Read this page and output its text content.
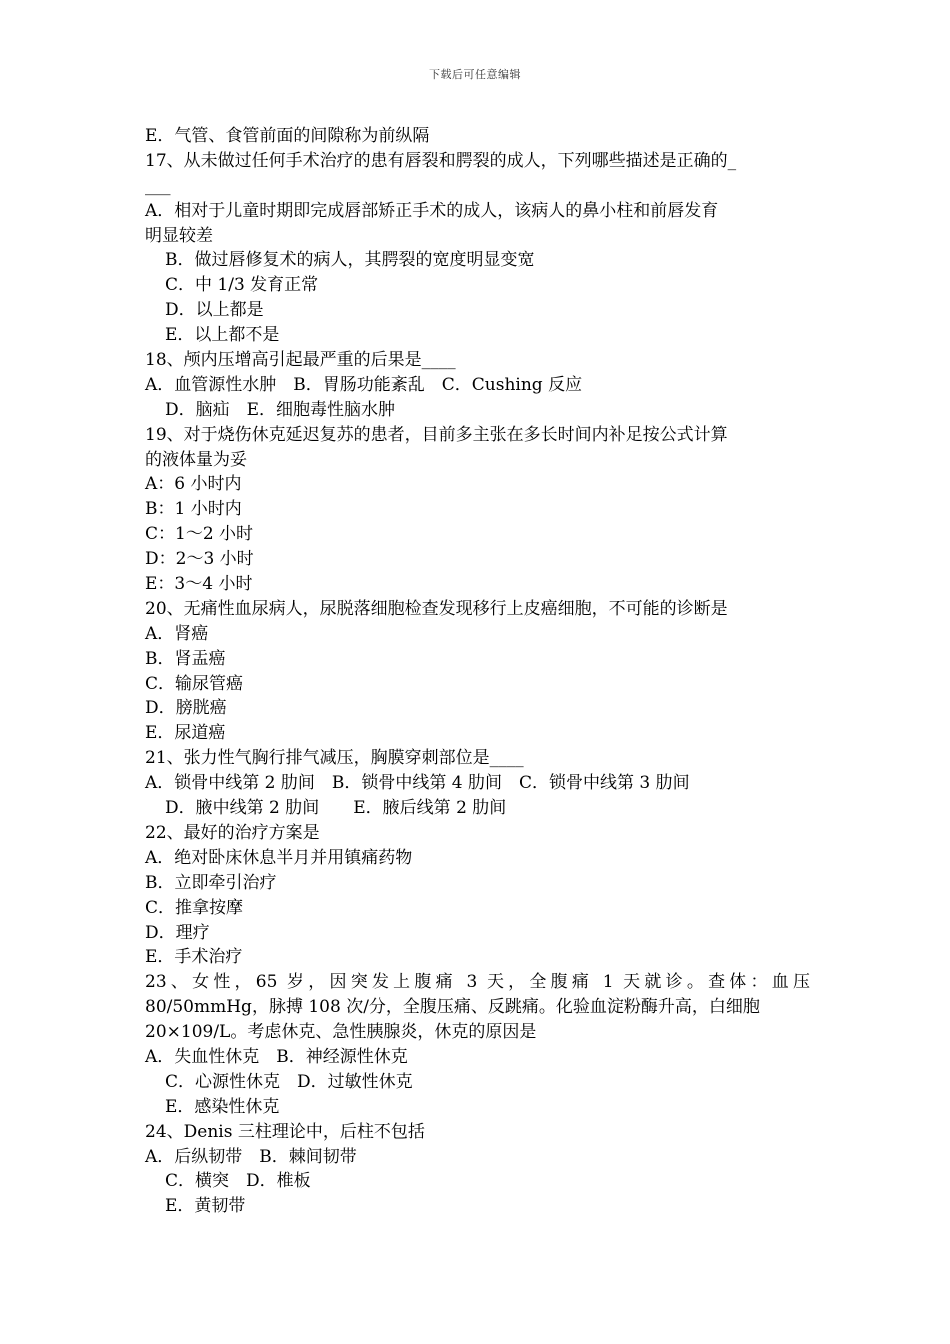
下载后可任意编辑
E．气管、食管前面的间隙称为前纵隔
17、从未做过任何手术治疗的患有唇裂和腭裂的成人，下列哪些描述是正确的_
___
A．相对于儿童时期即完成唇部矫正手术的成人，该病人的鼻小柱和前唇发育
明显较差
B．做过唇修复术的病人，其腭裂的宽度明显变宽
C．中 1/3 发育正常
D．以上都是
E．以上都不是
18、颅内压增高引起最严重的后果是____
A．血管源性水肿　B．胃肠功能紊乱　C．Cushing 反应
D．脑疝　E．细胞毒性脑水肿
19、对于烧伤休克延迟复苏的患者，目前多主张在多长时间内补足按公式计算
的液体量为妥
A：6 小时内
B：1 小时内
C：1～2 小时
D：2～3 小时
E：3～4 小时
20、无痛性血尿病人，尿脱落细胞检查发现移行上皮癌细胞，不可能的诊断是
A．肾癌
B．肾盂癌
C．输尿管癌
D．膀胱癌
E．尿道癌
21、张力性气胸行排气减压，胸膜穿刺部位是____
A．锁骨中线第 2 肋间　B．锁骨中线第 4 肋间　C．锁骨中线第 3 肋间
D．腋中线第 2 肋间　　E．腋后线第 2 肋间
22、最好的治疗方案是
A．绝对卧床休息半月并用镇痛药物
B．立即牵引治疗
C．推拿按摩
D．理疗
E．手术治疗
23、女性，65 岁，因突发上腹痛 3 天，全腹痛 1 天就诊。查体：血压
80/50mmHg，脉搏 108 次/分，全腹压痛、反跳痛。化验血淀粉酶升高，白细胞
20×109/L。考虑休克、急性胰腺炎，休克的原因是
A．失血性休克　B．神经源性休克
C．心源性休克　D．过敏性休克
E．感染性休克
24、Denis 三柱理论中，后柱不包括
A．后纵韧带　B．棘间韧带
C．横突　D．椎板
E．黄韧带
